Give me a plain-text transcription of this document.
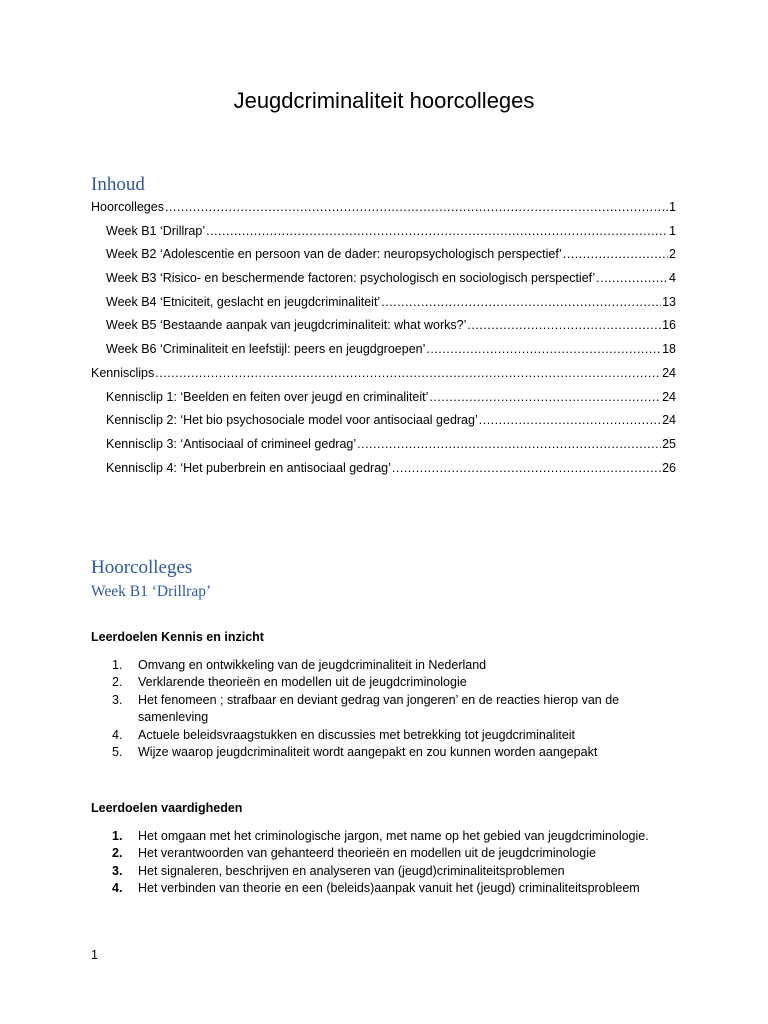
Jeugdcriminaliteit hoorcolleges
Inhoud
Hoorcolleges .....	1
Week B1 ‘Drillrap’ .....	1
Week B2 ‘Adolescentie en persoon van de dader: neuropsychologisch perspectief’ .....	2
Week B3 ‘Risico- en beschermende factoren: psychologisch en sociologisch perspectief’ .....	4
Week B4 ‘Etniciteit, geslacht en jeugdcriminaliteit’ .....	13
Week B5 ‘Bestaande aanpak van jeugdcriminaliteit: what works?’ .....	16
Week B6 ‘Criminaliteit en leefstijl: peers en jeugdgroepen’ .....	18
Kennisclips .....	24
Kennisclip 1: ‘Beelden en feiten over jeugd en criminaliteit’ .....	24
Kennisclip 2: ‘Het bio psychosociale model voor antisociaal gedrag’ .....	24
Kennisclip 3: ‘Antisociaal of crimineel gedrag’ .....	25
Kennisclip 4: ‘Het puberbrein en antisociaal gedrag’ .....	26
Hoorcolleges
Week B1 ‘Drillrap’

Leerdoelen Kennis en inzicht

1.	Omvang en ontwikkeling van de jeugdcriminaliteit in Nederland
2.	Verklarende theorieën en modellen uit de jeugdcriminologie
3.	Het fenomeen ; strafbaar en deviant gedrag van jongeren’ en de reacties hierop van de samenleving
4.	Actuele beleidsvraagstukken en discussies met betrekking tot jeugdcriminaliteit
5.	Wijze waarop jeugdcriminaliteit wordt aangepakt en zou kunnen worden aangepakt

Leerdoelen vaardigheden

1.	Het omgaan met het criminologische jargon, met name op het gebied van jeugdcriminologie.
2.	Het verantwoorden van gehanteerd theorieën en modellen uit de jeugdcriminologie
3.	Het signaleren, beschrijven en analyseren van (jeugd)criminaliteitsproblemen
4.	Het verbinden van theorie en een (beleids)aanpak vanuit het (jeugd) criminaliteitsprobleem

1
